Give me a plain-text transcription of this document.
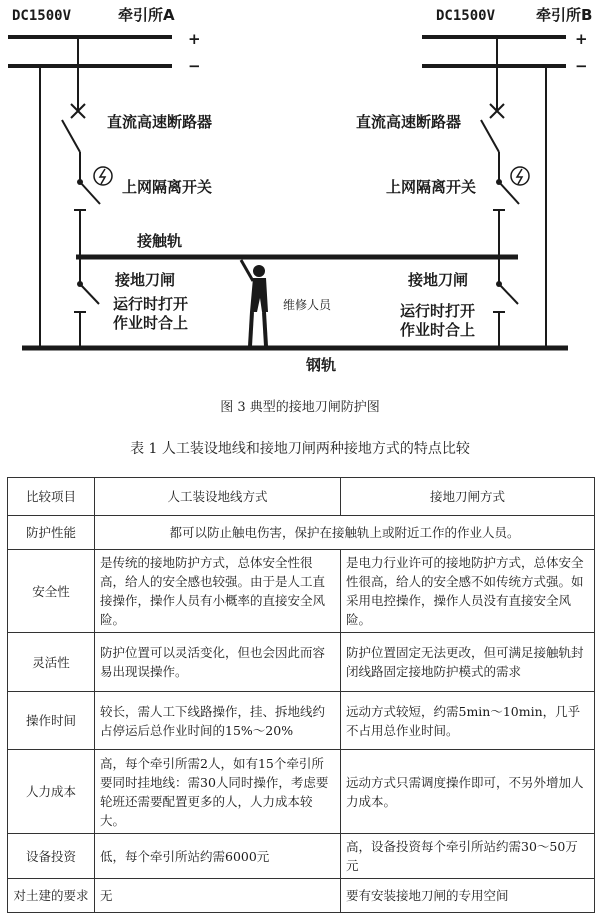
DC1500V	牵引所A	DC1500V	牵引所B
+
−
+
−
直流高速断路器
上网隔离开关
直流高速断路器
上网隔离开关
接触轨
接地刀闸
运行时打开
作业时合上
接地刀闸
运行时打开
作业时合上
维修人员
钢轨
图 3 典型的接地刀闸防护图
表 1 人工装设地线和接地刀闸两种接地方式的特点比较
比较项目	人工装设地线方式	接地刀闸方式
防护性能	都可以防止触电伤害，保护在接触轨上或附近工作的作业人员。	
安全性	是传统的接地防护方式，总体安全性很高，给人的安全感也较强。由于是人工直接操作，操作人员有小概率的直接安全风险。	是电力行业许可的接地防护方式，总体安全性很高，给人的安全感不如传统方式强。如采用电控操作，操作人员没有直接安全风险。
灵活性	防护位置可以灵活变化，但也会因此而容易出现误操作。	防护位置固定无法更改，但可满足接触轨封闭线路固定接地防护模式的需求
操作时间	较长，需人工下线路操作，挂、拆地线约占停运后总作业时间的15%～20%	远动方式较短，约需5min～10min，几乎不占用总作业时间。
人力成本	高，每个牵引所需2人，如有15个牵引所要同时挂地线：需30人同时操作，考虑要轮班还需要配置更多的人，人力成本较大。	远动方式只需调度操作即可，不另外增加人力成本。
设备投资	低，每个牵引所站约需6000元	高，设备投资每个牵引所站约需30～50万元
对土建的要求	无	要有安装接地刀闸的专用空间
